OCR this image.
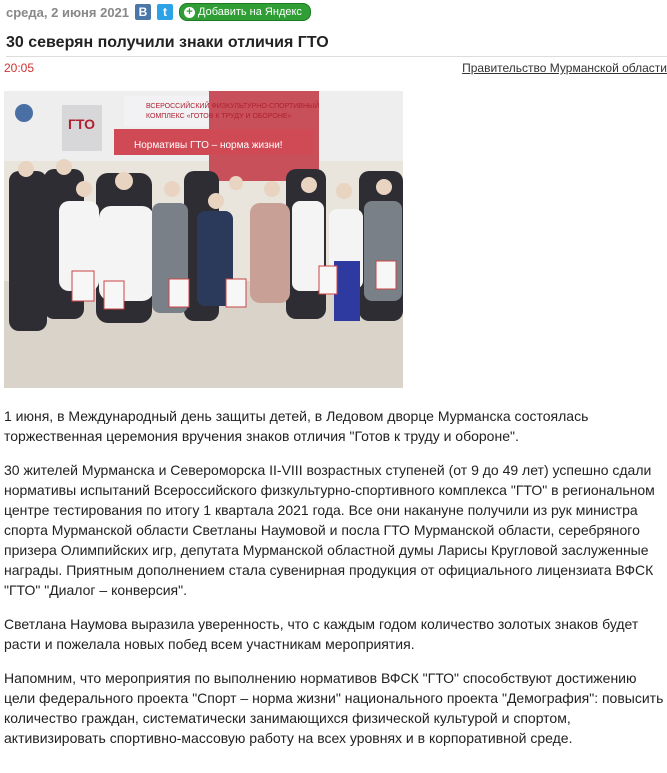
среда, 2 июня 2021 В	t	+ Добавить на Яндекс
30 северян получили знаки отличия ГТО
20:05	Правительство Мурманской области
ГТО
ВСЕРОССИЙСКИЙ ФИЗКУЛЬТУРНО-СПОРТИВНЫЙ
КОМПЛЕКС «ГОТОВ К ТРУДУ И ОБОРОНЕ»
Нормативы ГТО – норма жизни!

1 июня, в Международный день защиты детей, в Ледовом дворце Мурманска состоялась торжественная церемония вручения знаков отличия "Готов к труду и обороне".

30 жителей Мурманска и Североморска II-VIII возрастных ступеней (от 9 до 49 лет) успешно сдали нормативы испытаний Всероссийского физкультурно-спортивного комплекса "ГТО" в региональном центре тестирования по итогу 1 квартала 2021 года. Все они накануне получили из рук министра спорта Мурманской области Светланы Наумовой и посла ГТО Мурманской области, серебряного призера Олимпийских игр, депутата Мурманской областной думы Ларисы Кругловой заслуженные награды. Приятным дополнением стала сувенирная продукция от официального лицензиата ВФСК "ГТО" "Диалог – конверсия".

Светлана Наумова выразила уверенность, что с каждым годом количество золотых знаков будет расти и пожелала новых побед всем участникам мероприятия.

Напомним, что мероприятия по выполнению нормативов ВФСК "ГТО" способствуют достижению цели федерального проекта "Спорт – норма жизни" национального проекта "Демография": повысить количество граждан, систематически занимающихся физической культурой и спортом, активизировать спортивно-массовую работу на всех уровнях и в корпоративной среде.
